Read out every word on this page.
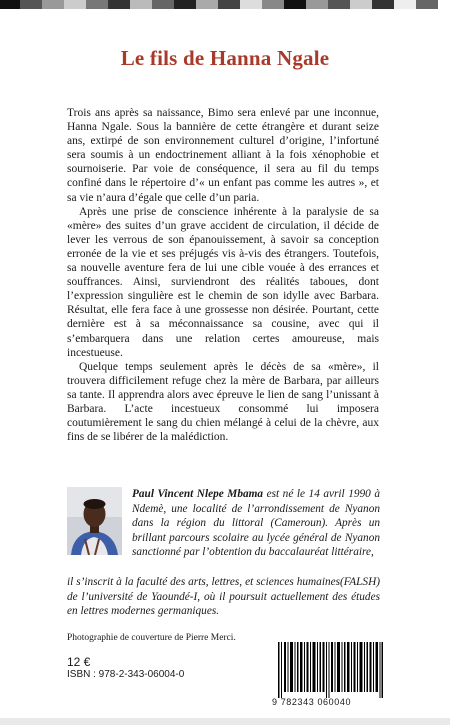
Le fils de Hanna Ngale

Trois ans après sa naissance, Bimo sera enlevé par une inconnue, Hanna Ngale. Sous la bannière de cette étrangère et durant seize ans, extirpé de son environnement culturel d’origine, l’infortuné sera soumis à un endoctrinement alliant à la fois xénophobie et sournoiserie. Par voie de conséquence, il sera au fil du temps confiné dans le répertoire d’« un enfant pas comme les autres », et sa vie n’aura d’égale que celle d’un paria.

Après une prise de conscience inhérente à la paralysie de sa «mère» des suites d’un grave accident de circulation, il décide de lever les verrous de son épanouissement, à savoir sa conception erronée de la vie et ses préjugés vis à-vis des étrangers. Toutefois, sa nouvelle aventure fera de lui une cible vouée à des errances et souffrances. Ainsi, surviendront des réalités taboues, dont l’expression singulière est le chemin de son idylle avec Barbara. Résultat, elle fera face à une grossesse non désirée. Pourtant, cette dernière est à sa méconnaissance sa cousine, avec qui il s’embarquera dans une relation certes amoureuse, mais incestueuse.

Quelque temps seulement après le décès de sa «mère», il trouvera difficilement refuge chez la mère de Barbara, par ailleurs sa tante. Il apprendra alors avec épreuve le lien de sang l’unissant à Barbara. L’acte incestueux consommé lui imposera coutumièrement le sang du chien mélangé à celui de la chèvre, aux fins de se libérer de la malédiction.

Paul Vincent Nlepe Mbama est né le 14 avril 1990 à Ndemè, une localité de l’arrondissement de Nyanon dans la région du littoral (Cameroun). Après un brillant parcours scolaire au lycée général de Nyanon sanctionné par l’obtention du baccalauréat littéraire,
il s’inscrit à la faculté des arts, lettres, et sciences humaines(FALSH) de l’université de Yaoundé-I, où il poursuit actuellement des études en lettres modernes germaniques.
Photographie de couverture de Pierre Merci.
12 €
ISBN : 978-2-343-06004-0
9 782343 060040
